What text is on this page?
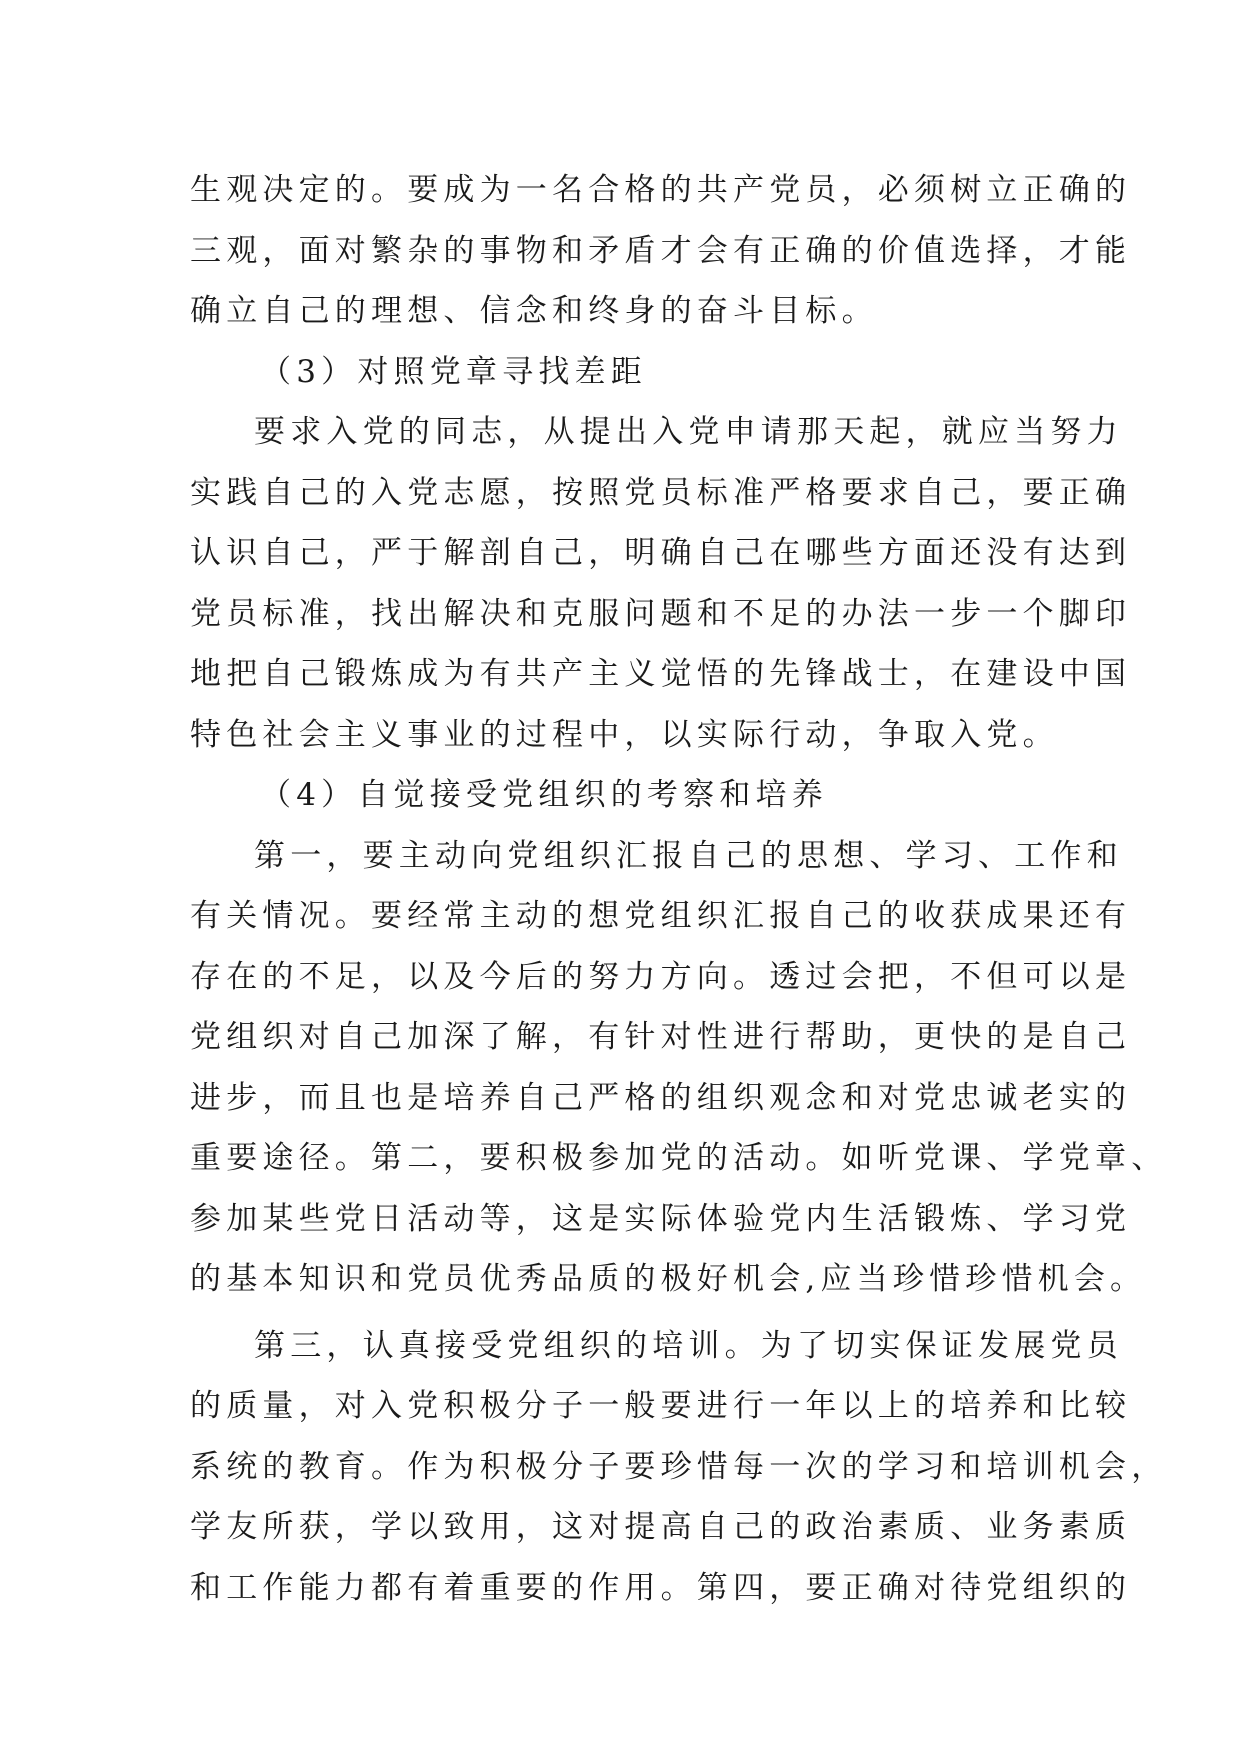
生观决定的。要成为一名合格的共产党员，必须树立正确的
三观，面对繁杂的事物和矛盾才会有正确的价值选择，才能
确立自己的理想、信念和终身的奋斗目标。
（3）对照党章寻找差距
要求入党的同志，从提出入党申请那天起，就应当努力
实践自己的入党志愿，按照党员标准严格要求自己，要正确
认识自己，严于解剖自己，明确自己在哪些方面还没有达到
党员标准，找出解决和克服问题和不足的办法一步一个脚印
地把自己锻炼成为有共产主义觉悟的先锋战士，在建设中国
特色社会主义事业的过程中，以实际行动，争取入党。
（4）自觉接受党组织的考察和培养
第一，要主动向党组织汇报自己的思想、学习、工作和
有关情况。要经常主动的想党组织汇报自己的收获成果还有
存在的不足，以及今后的努力方向。透过会把，不但可以是
党组织对自己加深了解，有针对性进行帮助，更快的是自己
进步，而且也是培养自己严格的组织观念和对党忠诚老实的
重要途径。第二，要积极参加党的活动。如听党课、学党章、
参加某些党日活动等，这是实际体验党内生活锻炼、学习党
的基本知识和党员优秀品质的极好机会,应当珍惜珍惜机会。
第三，认真接受党组织的培训。为了切实保证发展党员
的质量，对入党积极分子一般要进行一年以上的培养和比较
系统的教育。作为积极分子要珍惜每一次的学习和培训机会，
学友所获，学以致用，这对提高自己的政治素质、业务素质
和工作能力都有着重要的作用。第四，要正确对待党组织的
